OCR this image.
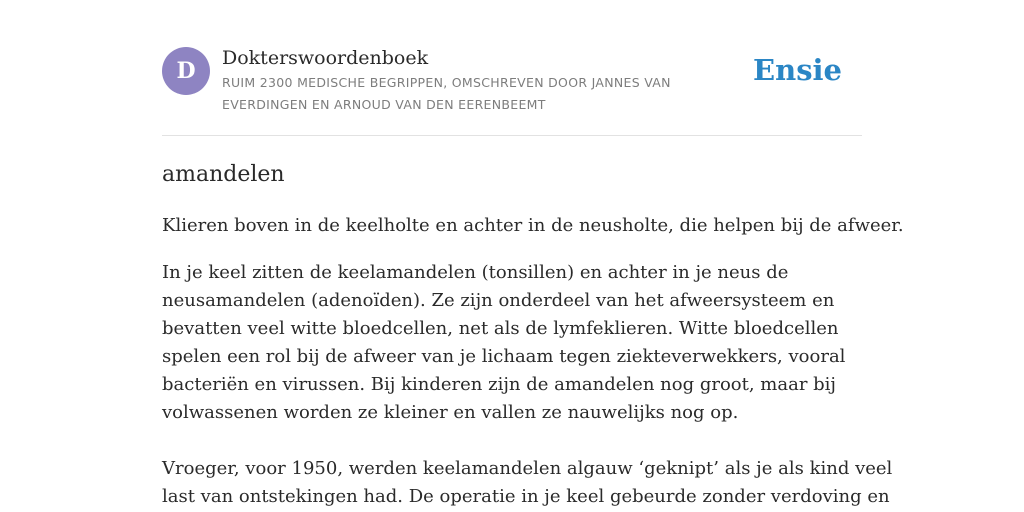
D	Dokterswoordenboek

RUIM 2300 MEDISCHE BEGRIPPEN, OMSCHREVEN DOOR JANNES VAN
EVERDINGEN EN ARNOUD VAN DEN EERENBEEMT

Ensie
amandelen

Klieren boven in de keelholte en achter in de neusholte, die helpen bij de afweer.

In je keel zitten de keelamandelen (tonsillen) en achter in je neus de
neusamandelen (adenoïden). Ze zijn onderdeel van het afweersysteem en
bevatten veel witte bloedcellen, net als de lymfeklieren. Witte bloedcellen
spelen een rol bij de afweer van je lichaam tegen ziekteverwekkers, vooral
bacteriën en virussen. Bij kinderen zijn de amandelen nog groot, maar bij
volwassenen worden ze kleiner en vallen ze nauwelijks nog op.
Vroeger, voor 1950, werden keelamandelen algauw ‘geknipt’ als je als kind veel
last van ontstekingen had. De operatie in je keel gebeurde zonder verdoving en
